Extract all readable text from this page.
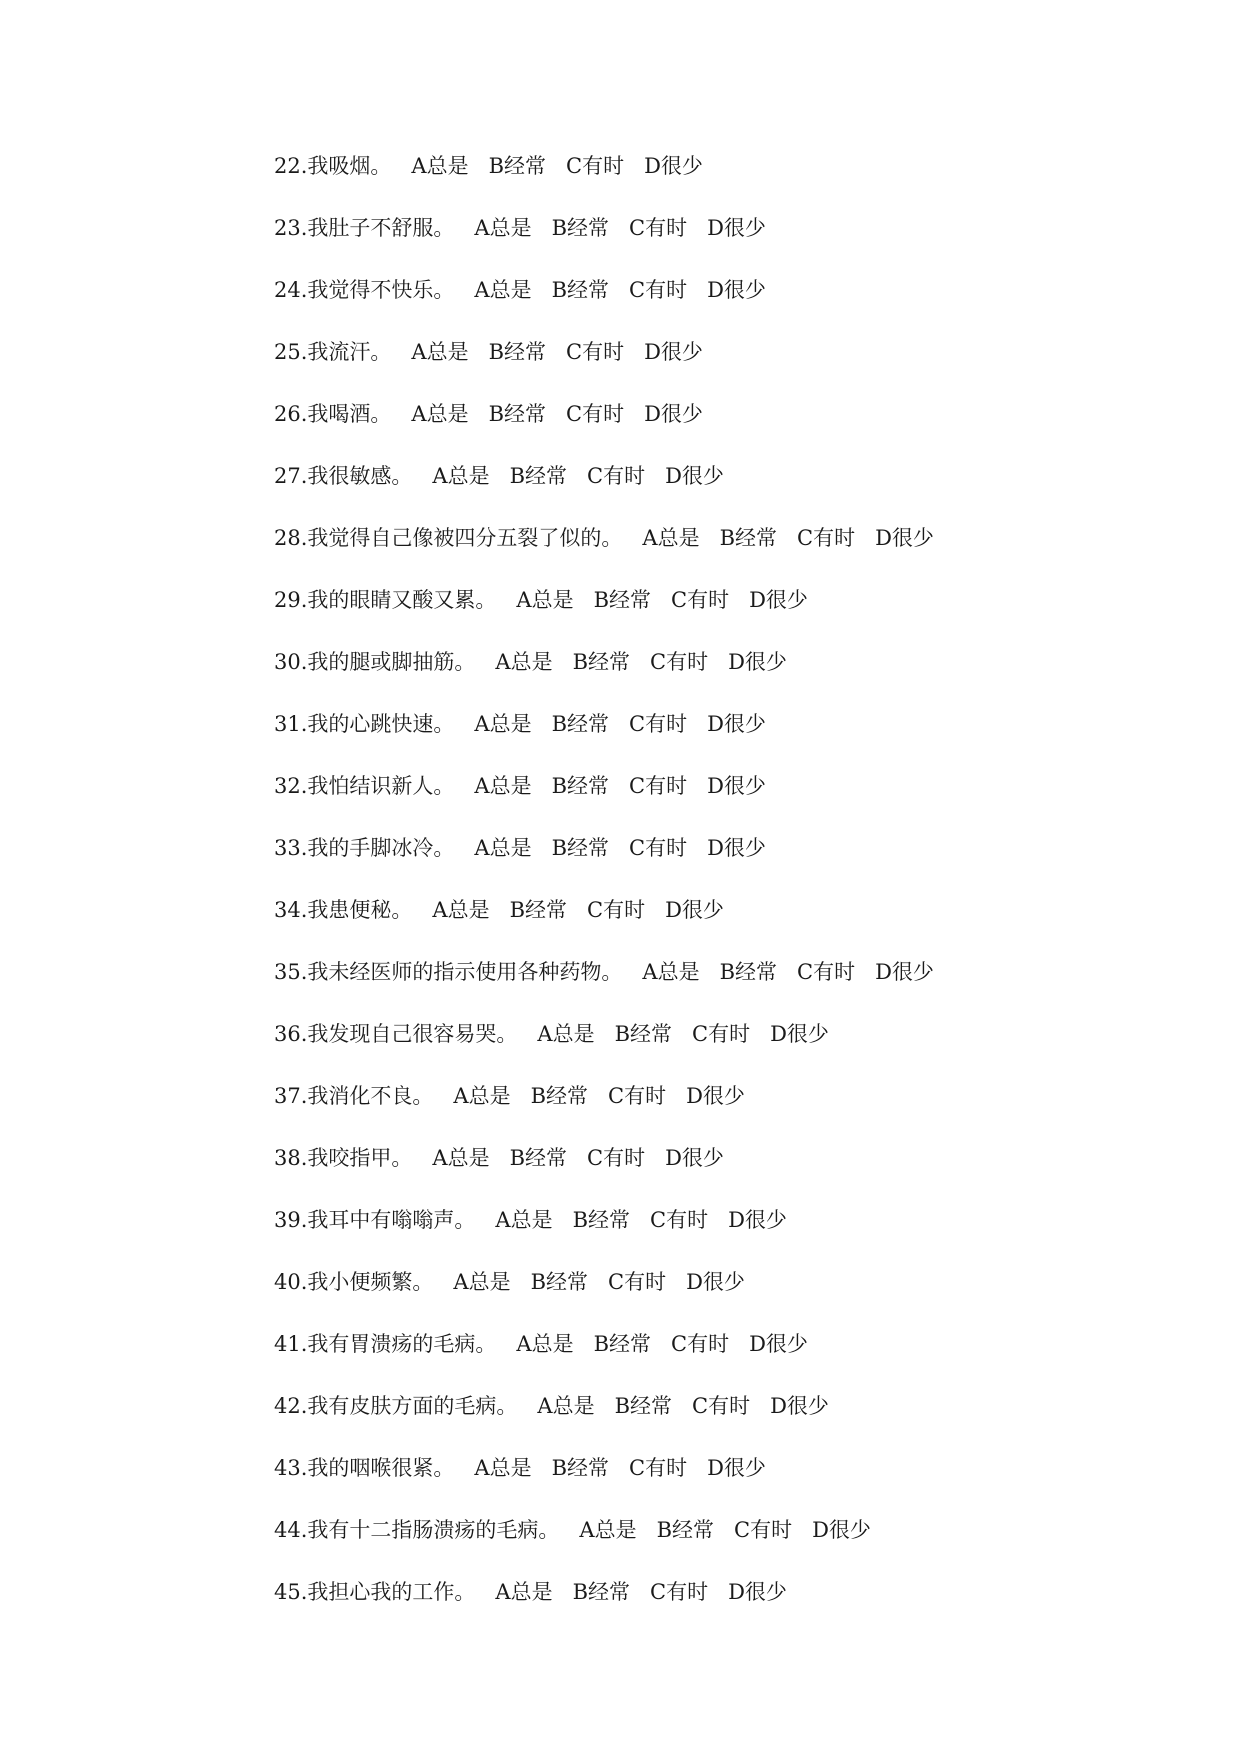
22.我吸烟。 A总是 B经常 C有时 D很少
23.我肚子不舒服。 A总是 B经常 C有时 D很少
24.我觉得不快乐。 A总是 B经常 C有时 D很少
25.我流汗。 A总是 B经常 C有时 D很少
26.我喝酒。 A总是 B经常 C有时 D很少
27.我很敏感。 A总是 B经常 C有时 D很少
28.我觉得自己像被四分五裂了似的。 A总是 B经常 C有时 D很少
29.我的眼睛又酸又累。 A总是 B经常 C有时 D很少
30.我的腿或脚抽筋。 A总是 B经常 C有时 D很少
31.我的心跳快速。 A总是 B经常 C有时 D很少
32.我怕结识新人。 A总是 B经常 C有时 D很少
33.我的手脚冰冷。 A总是 B经常 C有时 D很少
34.我患便秘。 A总是 B经常 C有时 D很少
35.我未经医师的指示使用各种药物。 A总是 B经常 C有时 D很少
36.我发现自己很容易哭。 A总是 B经常 C有时 D很少
37.我消化不良。 A总是 B经常 C有时 D很少
38.我咬指甲。 A总是 B经常 C有时 D很少
39.我耳中有嗡嗡声。 A总是 B经常 C有时 D很少
40.我小便频繁。 A总是 B经常 C有时 D很少
41.我有胃溃疡的毛病。 A总是 B经常 C有时 D很少
42.我有皮肤方面的毛病。 A总是 B经常 C有时 D很少
43.我的咽喉很紧。 A总是 B经常 C有时 D很少
44.我有十二指肠溃疡的毛病。 A总是 B经常 C有时 D很少
45.我担心我的工作。 A总是 B经常 C有时 D很少
